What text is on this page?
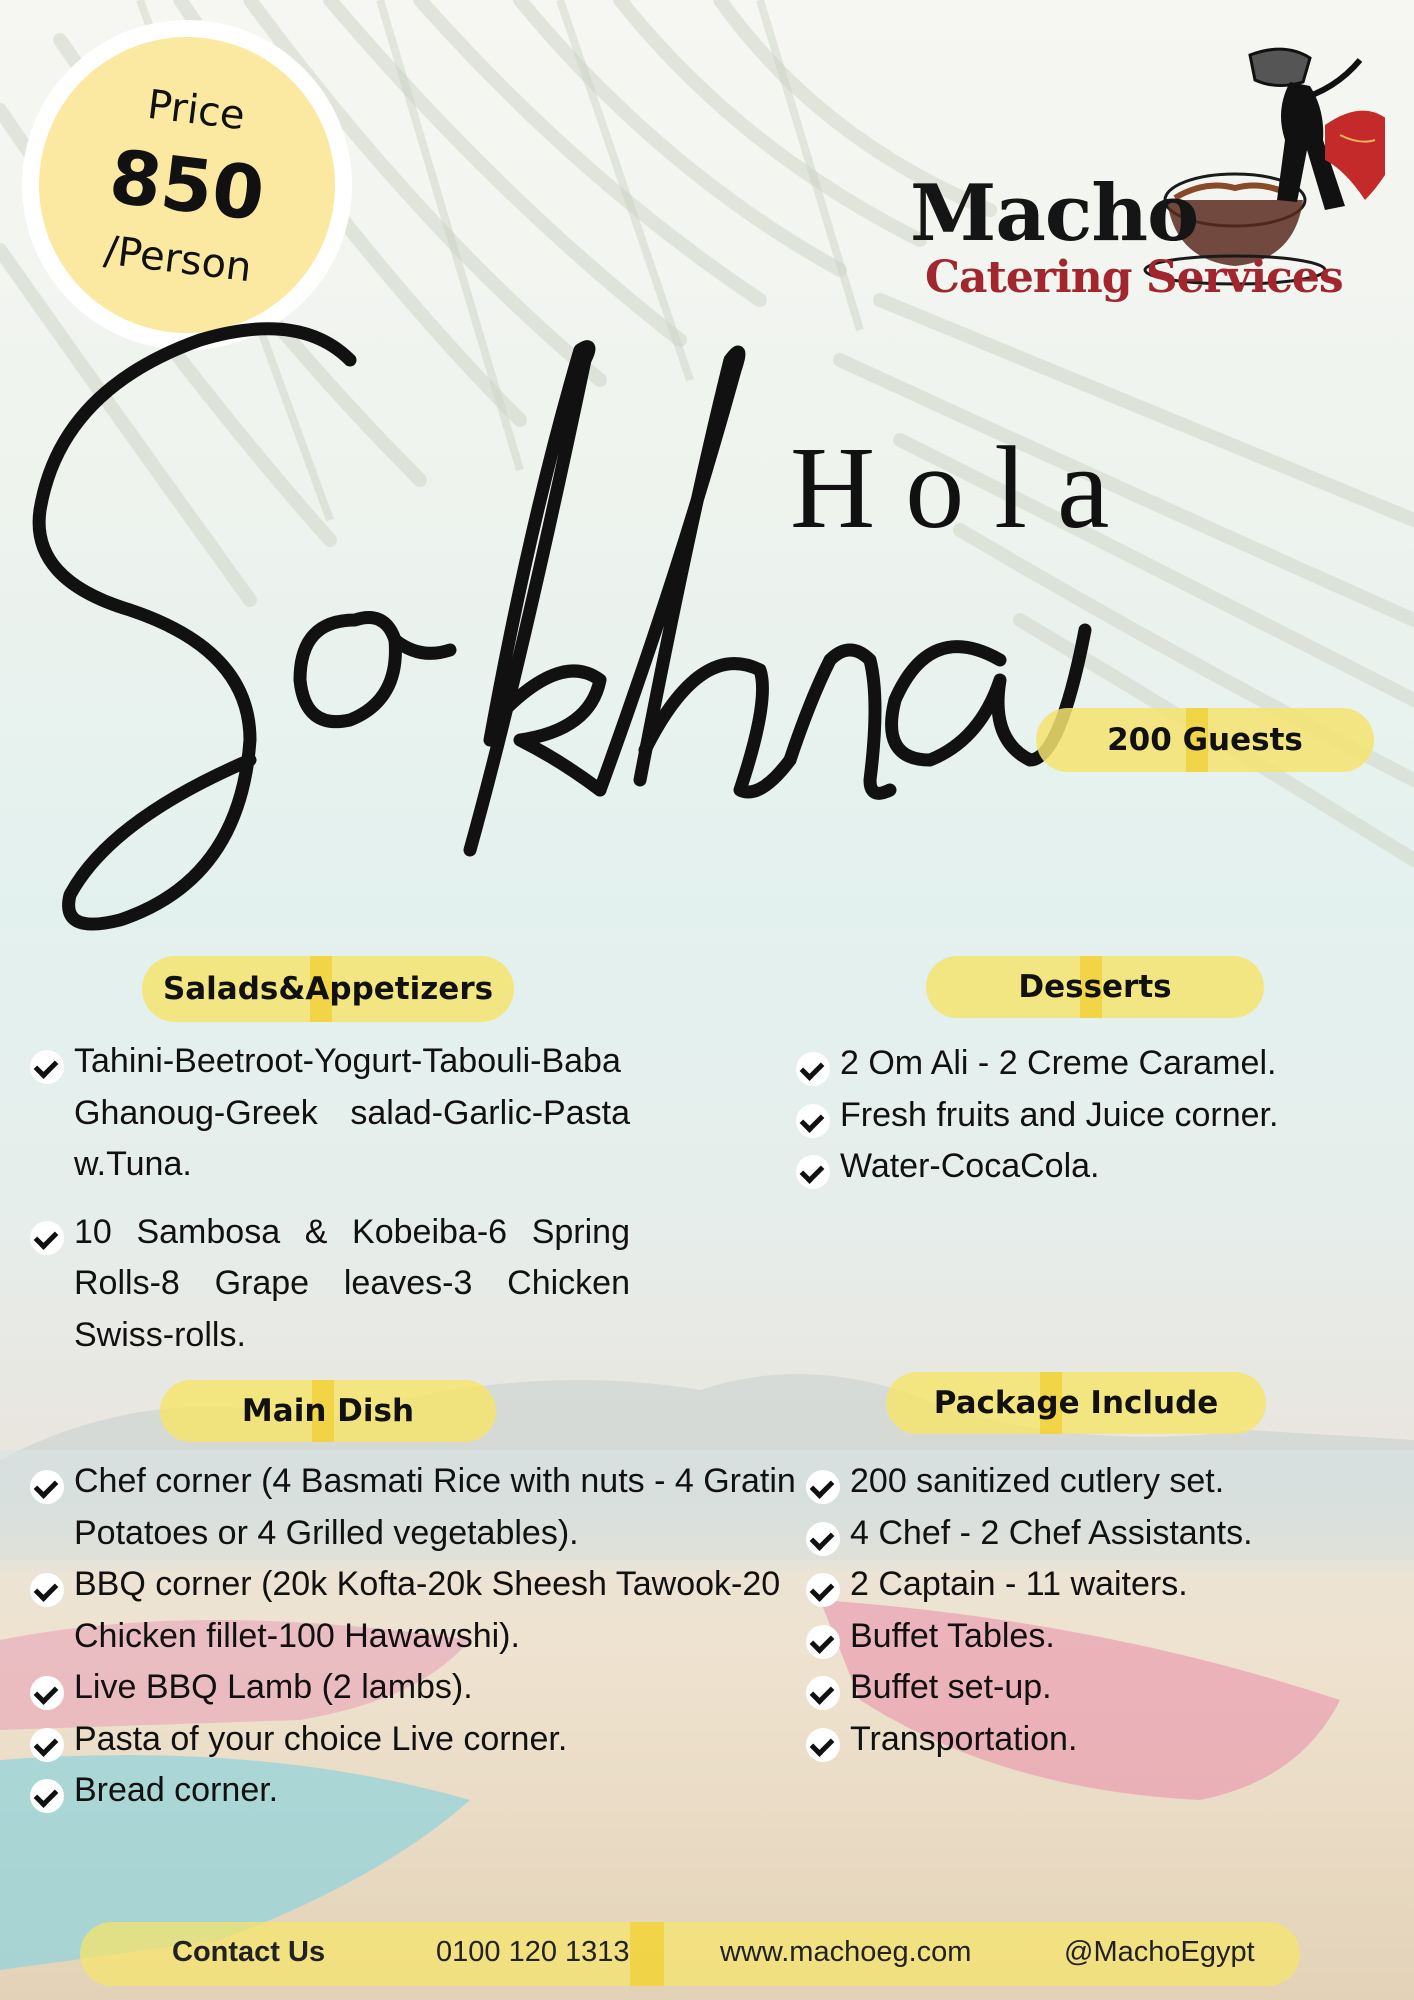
Price
850
/Person
Macho
Catering Services
Hola
200 Guests
Salads&Appetizers
Tahini-Beetroot-Yogurt-Tabouli-Baba Ghanoug-Greek salad-Garlic-Pasta w.Tuna.
10 Sambosa & Kobeiba-6 Spring Rolls-8 Grape leaves-3 Chicken Swiss-rolls.
Desserts
2 Om Ali - 2 Creme Caramel.
Fresh fruits and Juice corner.
Water-CocaCola.
Main Dish
Chef corner (4 Basmati Rice with nuts - 4 Gratin Potatoes or 4 Grilled vegetables).
BBQ corner (20k Kofta-20k Sheesh Tawook-20 Chicken fillet-100 Hawawshi).
Live BBQ Lamb (2 lambs).
Pasta of your choice Live corner.
Bread corner.
Package Include
200 sanitized cutlery set.
4 Chef - 2 Chef Assistants.
2 Captain - 11 waiters.
Buffet Tables.
Buffet set-up.
Transportation.
Contact Us	0100 120 1313	www.machoeg.com	@MachoEgypt
